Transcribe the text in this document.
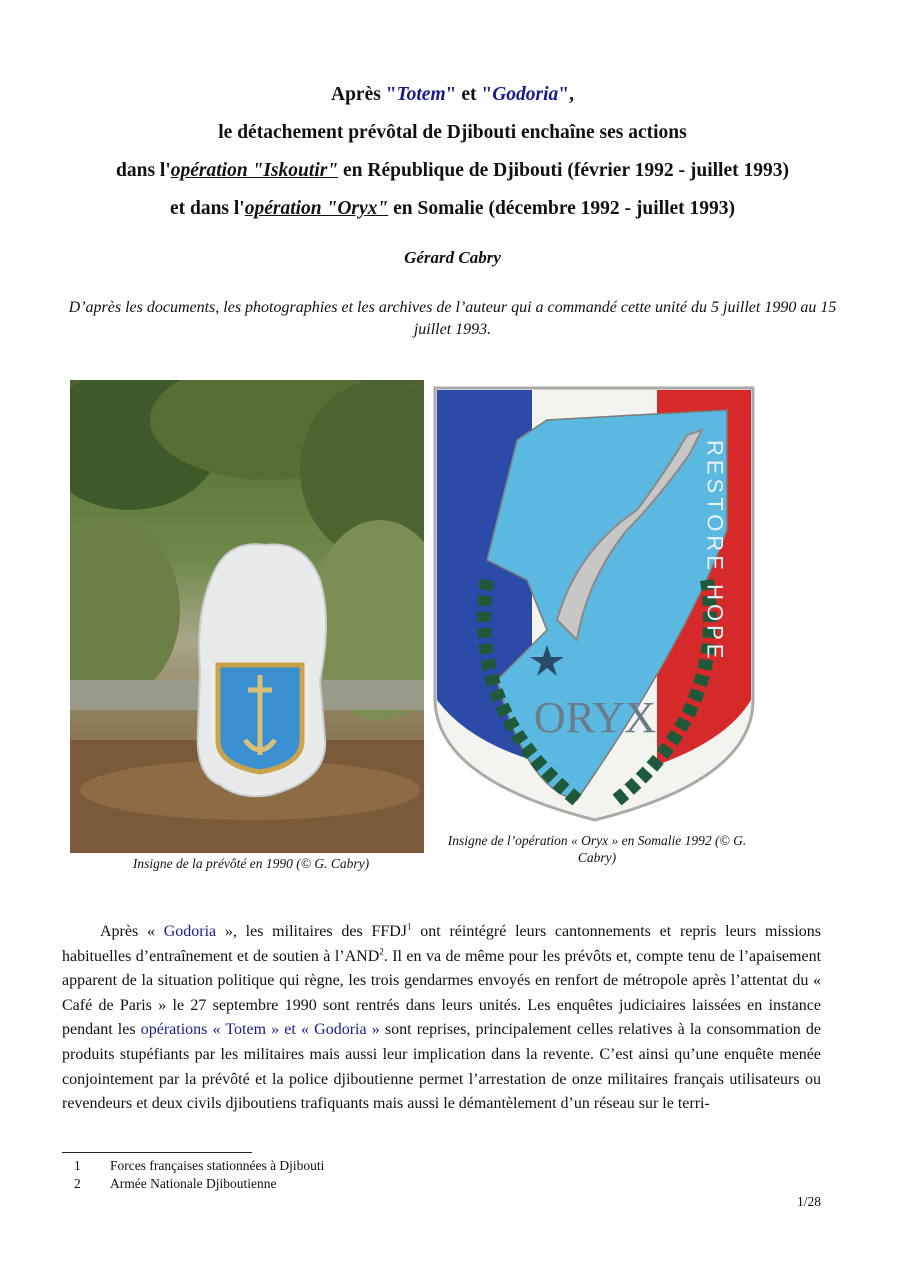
Après "Totem" et "Godoria",
le détachement prévôtal de Djibouti enchaîne ses actions
dans l'opération "Iskoutir" en République de Djibouti (février 1992 - juillet 1993)
et dans l'opération "Oryx" en Somalie (décembre 1992 - juillet 1993)
Gérard Cabry
D’après les documents, les photographies et les archives de l’auteur qui a commandé cette unité du 5 juillet 1990 au 15 juillet 1993.
ORYX
RESTORE HOPE
Insigne de la prévôté en 1990 (© G. Cabry)
Insigne de l’opération « Oryx » en Somalie 1992 (© G. Cabry)

Après « Godoria », les militaires des FFDJ$^1$ ont réintégré leurs cantonnements et repris leurs missions habituelles d’entraînement et de soutien à l’AND$^2$. Il en va de même pour les prévôts et, compte tenu de l’apaisement apparent de la situation politique qui règne, les trois gendarmes envoyés en renfort de métropole après l’attentat du « Café de Paris » le 27 septembre 1990 sont rentrés dans leurs unités. Les enquêtes judiciaires laissées en instance pendant les opérations « Totem » et « Godoria » sont reprises, principalement celles relatives à la consommation de produits stupéfiants par les militaires mais aussi leur implication dans la revente. C’est ainsi qu’une enquête menée conjointement par la prévôté et la police djiboutienne permet l’arrestation de onze militaires français utilisateurs ou revendeurs et deux civils djiboutiens trafiquants mais aussi le démantèlement d’un réseau sur le terri-

1	Forces françaises stationnées à Djibouti
2	Armée Nationale Djiboutienne
1/28
